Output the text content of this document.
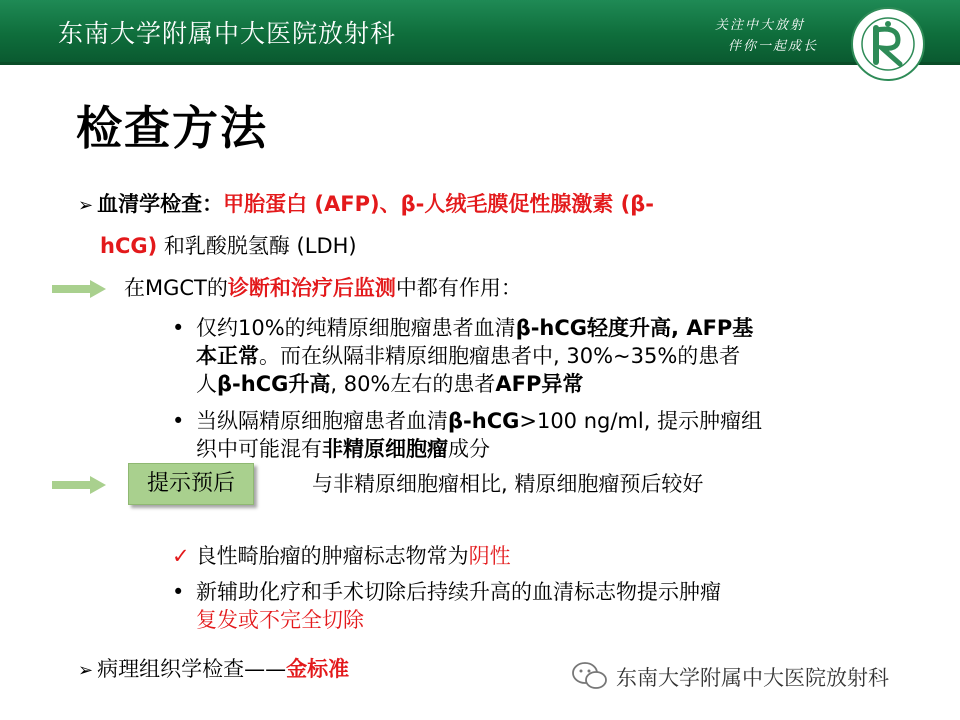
东南大学附属中大医院放射科	关注中大放射
伴你一起成长
检查方法
➢ 血清学检查：甲胎蛋白 (AFP)、β-人绒毛膜促性腺激素 (β-
hCG) 和乳酸脱氢酶 (LDH)
在MGCT的诊断和治疗后监测中都有作用：
• 仅约10%的纯精原细胞瘤患者血清β-hCG轻度升高, AFP基
本正常。而在纵隔非精原细胞瘤患者中, 30%~35%的患者
人β-hCG升高, 80%左右的患者AFP异常
• 当纵隔精原细胞瘤患者血清β-hCG>100 ng/ml, 提示肿瘤组
织中可能混有非精原细胞瘤成分
提示预后	与非精原细胞瘤相比, 精原细胞瘤预后较好
✓ 良性畸胎瘤的肿瘤标志物常为阴性
• 新辅助化疗和手术切除后持续升高的血清标志物提示肿瘤
复发或不完全切除
➢ 病理组织学检查——金标准	东南大学附属中大医院放射科
